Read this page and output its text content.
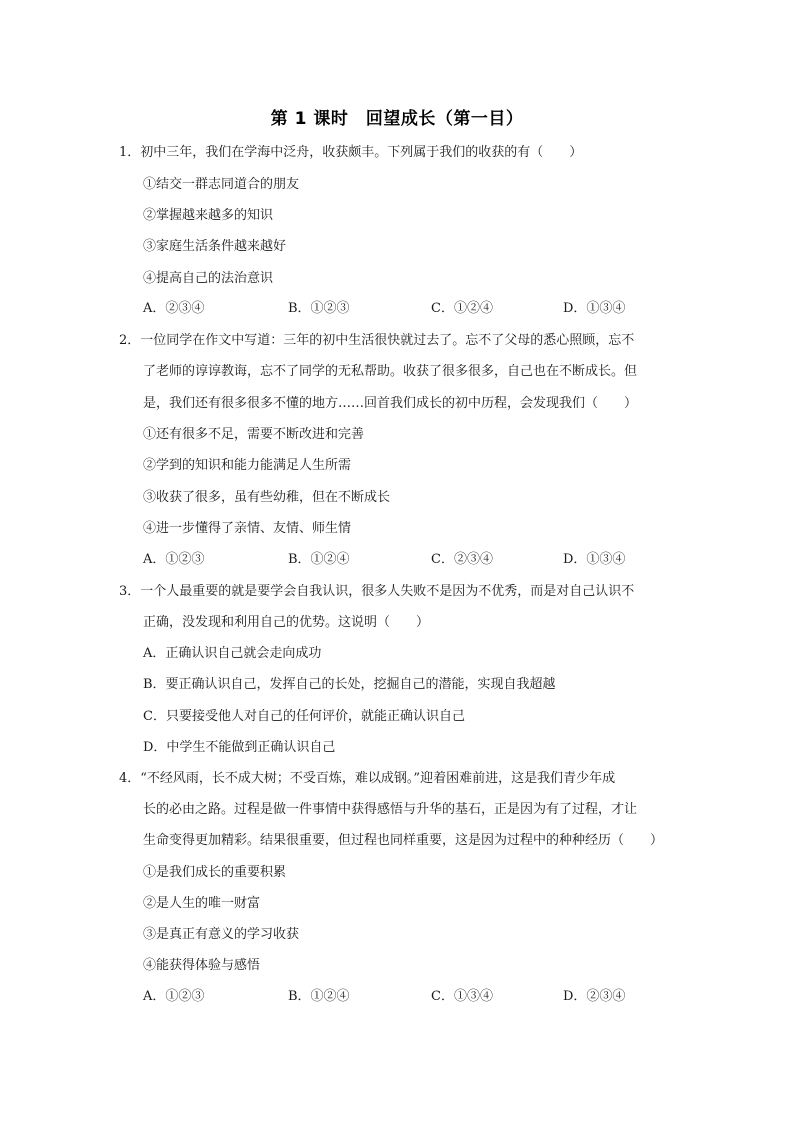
第 1 课时　回望成长（第一目）
1．初中三年，我们在学海中泛舟，收获颇丰。下列属于我们的收获的有（　　）
①结交一群志同道合的朋友
②掌握越来越多的知识
③家庭生活条件越来越好
④提高自己的法治意识
A．②③④	B．①②③	C．①②④	D．①③④
2．一位同学在作文中写道：三年的初中生活很快就过去了。忘不了父母的悉心照顾，忘不
了老师的谆谆教诲，忘不了同学的无私帮助。收获了很多很多，自己也在不断成长。但
是，我们还有很多很多不懂的地方……回首我们成长的初中历程，会发现我们（　　）
①还有很多不足，需要不断改进和完善
②学到的知识和能力能满足人生所需
③收获了很多，虽有些幼稚，但在不断成长
④进一步懂得了亲情、友情、师生情
A．①②③	B．①②④	C．②③④	D．①③④
3．一个人最重要的就是要学会自我认识，很多人失败不是因为不优秀，而是对自己认识不
正确，没发现和利用自己的优势。这说明（　　）
A．正确认识自己就会走向成功
B．要正确认识自己，发挥自己的长处，挖掘自己的潜能，实现自我超越
C．只要接受他人对自己的任何评价，就能正确认识自己
D．中学生不能做到正确认识自己
4．“不经风雨，长不成大树；不受百炼，难以成钢。”迎着困难前进，这是我们青少年成
长的必由之路。过程是做一件事情中获得感悟与升华的基石，正是因为有了过程，才让
生命变得更加精彩。结果很重要，但过程也同样重要，这是因为过程中的种种经历（　　）
①是我们成长的重要积累
②是人生的唯一财富
③是真正有意义的学习收获
④能获得体验与感悟
A．①②③	B．①②④	C．①③④	D．②③④
